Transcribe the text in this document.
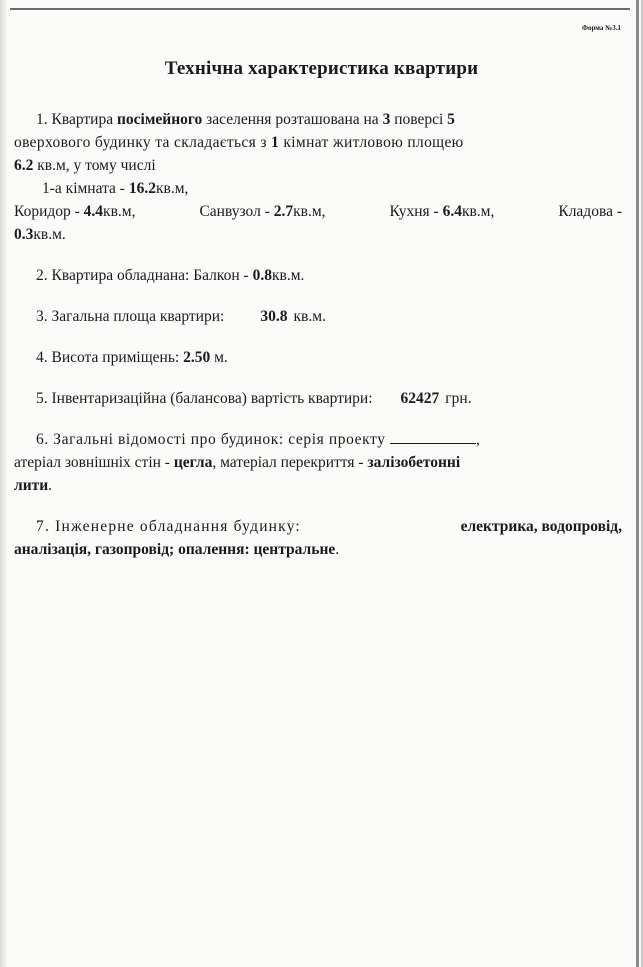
Форма №3.1
Технічна характеристика квартири

1. Квартира посімейного заселення розташована на 3 поверсі 5

оверхового будинку та складається з 1 кімнат житловою площею

6.2 кв.м, у тому числі

1-а кімната - 16.2кв.м,

Коридор - 4.4кв.м,	Санвузол - 2.7кв.м,	Кухня - 6.4кв.м,	Кладова -

0.3кв.м.

2. Квартира обладнана: Балкон - 0.8кв.м.

3. Загальна площа квартири: 30.8 кв.м.

4. Висота приміщень: 2.50 м.

5. Інвентаризаційна (балансова) вартість квартири: 62427 грн.

6. Загальні відомості про будинок: серія проекту	,

атеріал зовнішніх стін - цегла, матеріал перекриття - залізобетонні

лити.

7. Інженерне обладнання будинку:	електрика, водопровід,

аналізація, газопровід; опалення: центральне.
